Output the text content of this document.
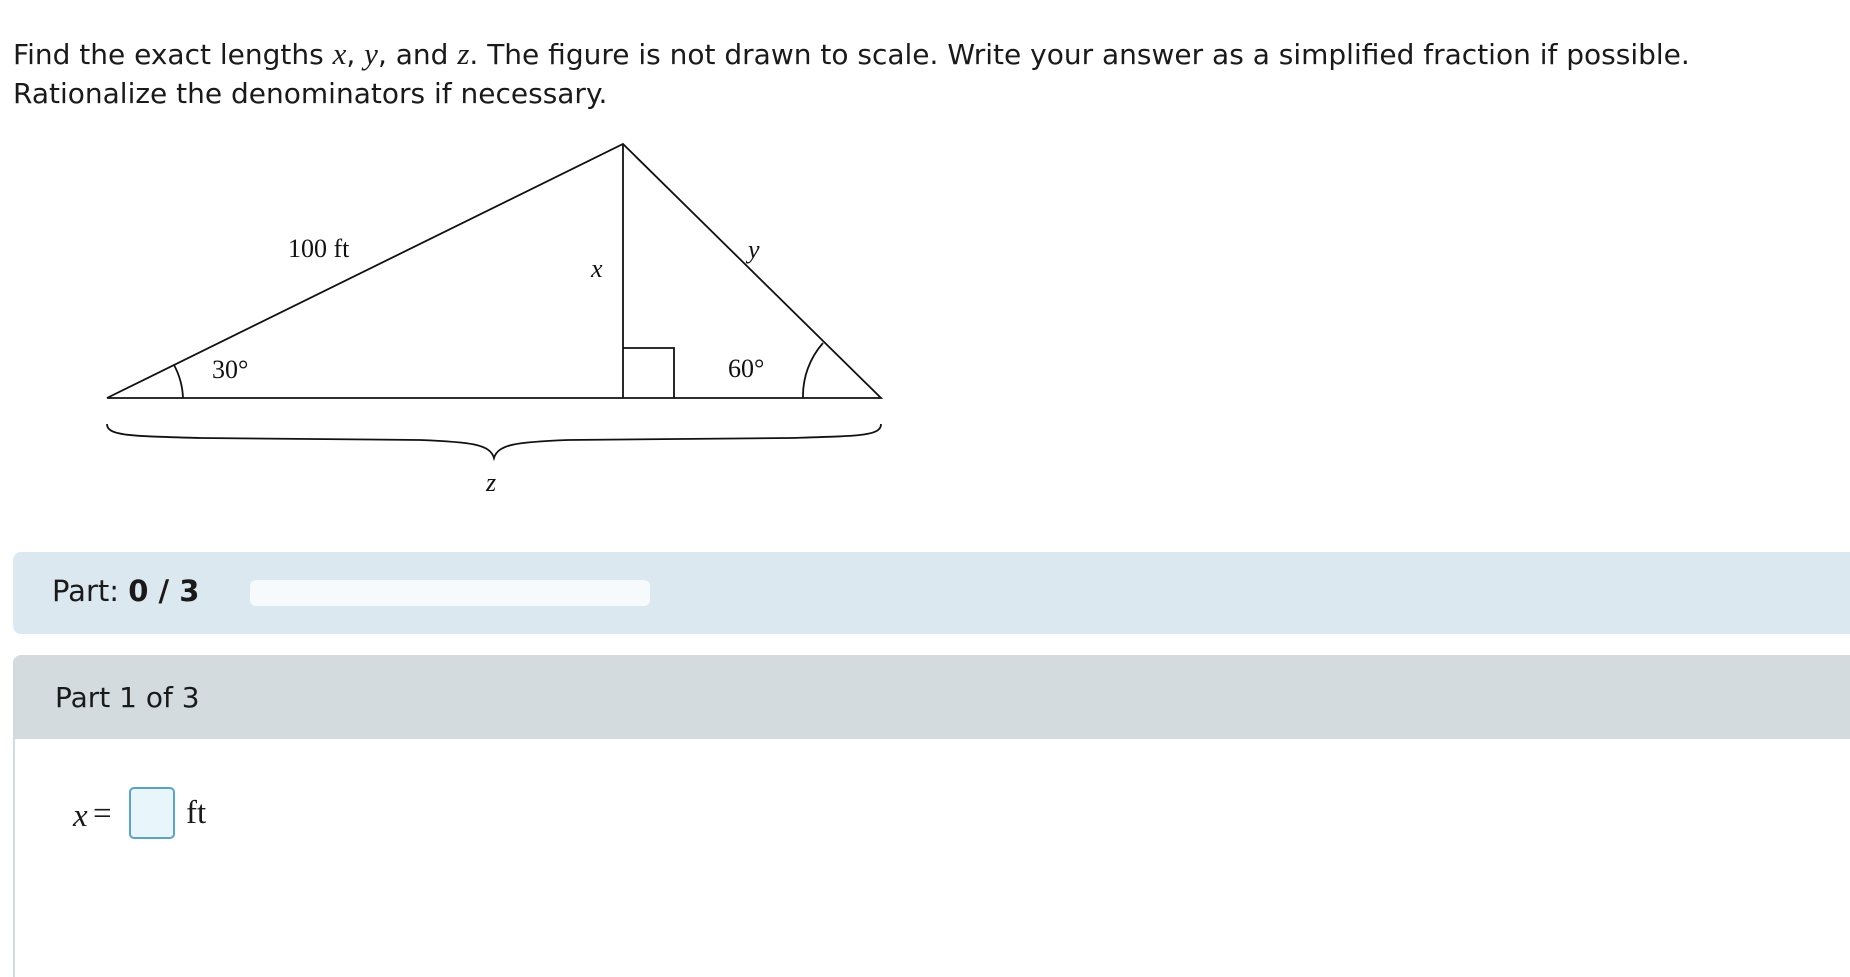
Find the exact lengths x, y, and z. The figure is not drawn to scale. Write your answer as a simplified fraction if possible.
Rationalize the denominators if necessary.
100 ft
x
y
30°	60°
z
Part: 0 / 3
Part 1 of 3
x = ft
